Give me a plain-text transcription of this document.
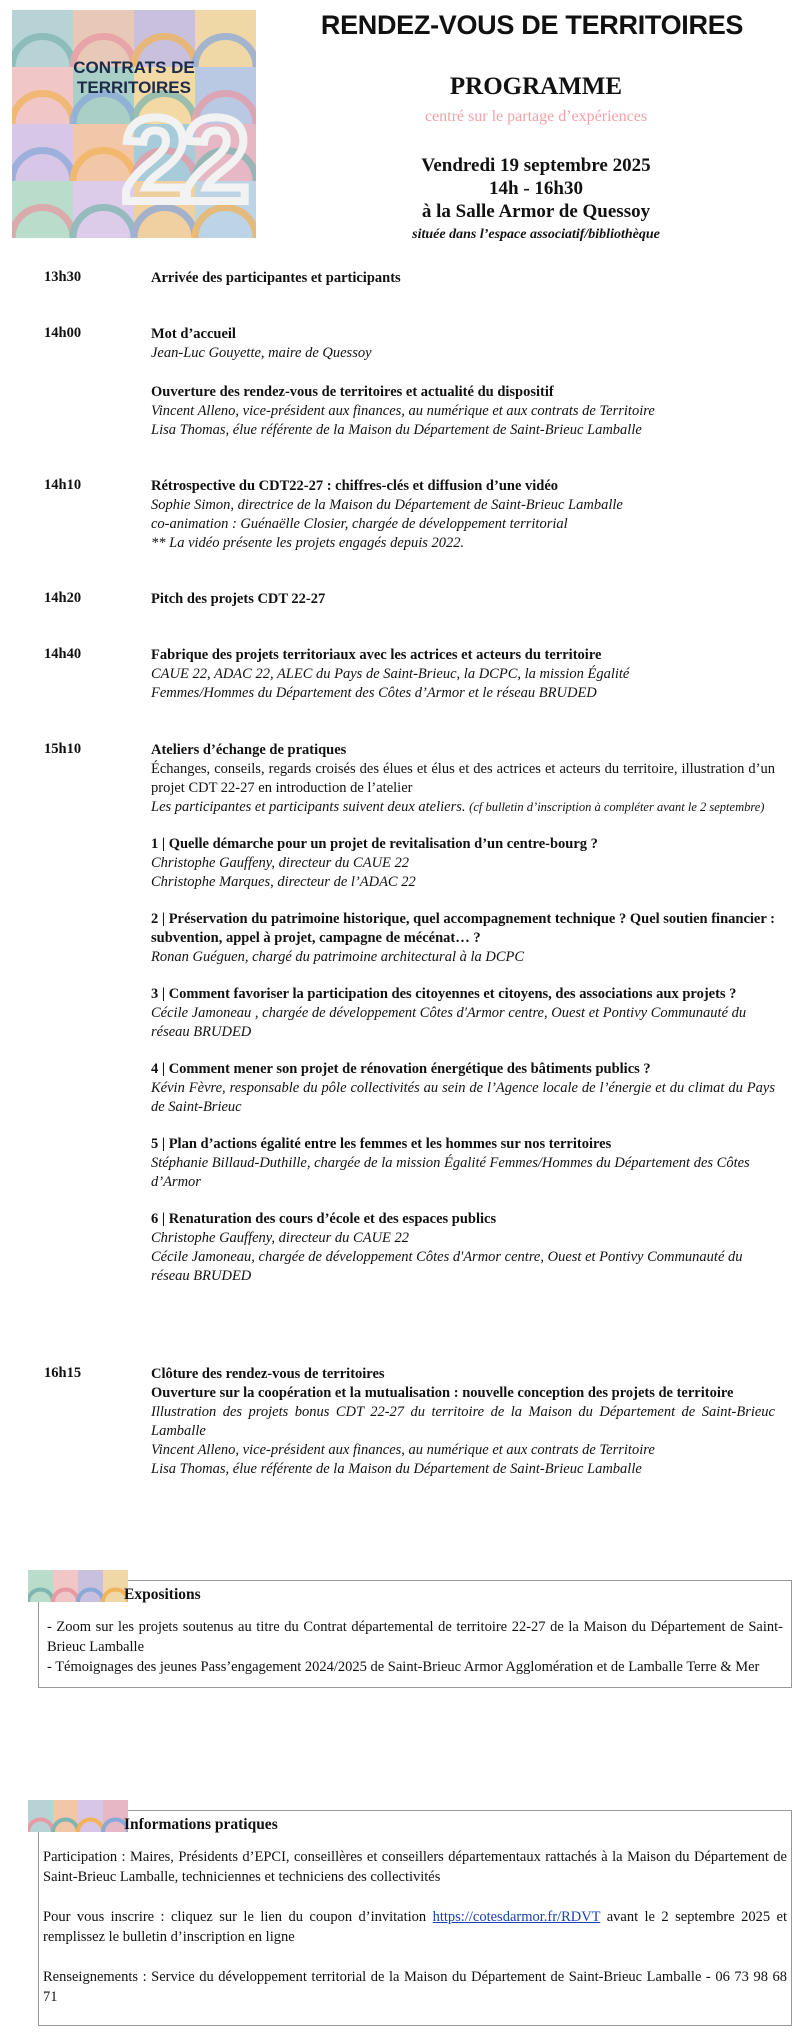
CONTRATS DE
TERRITOIRES
22
RENDEZ-VOUS DE TERRITOIRES
PROGRAMME
centré sur le partage d’expériences
Vendredi 19 septembre 2025
14h - 16h30
à la Salle Armor de Quessoy
située dans l’espace associatif/bibliothèque
13h30	Arrivée des participantes et participants
14h00	Mot d’accueil
Jean-Luc Gouyette, maire de Quessoy
Ouverture des rendez-vous de territoires et actualité du dispositif
Vincent Alleno, vice-président aux finances, au numérique et aux contrats de Territoire
Lisa Thomas, élue référente de la Maison du Département de Saint-Brieuc Lamballe
14h10	Rétrospective du CDT22-27 : chiffres-clés et diffusion d’une vidéo
Sophie Simon, directrice de la Maison du Département de Saint-Brieuc Lamballe
co-animation : Guénaëlle Closier, chargée de développement territorial
** La vidéo présente les projets engagés depuis 2022.
14h20	Pitch des projets CDT 22-27
14h40	Fabrique des projets territoriaux avec les actrices et acteurs du territoire
CAUE 22, ADAC 22, ALEC du Pays de Saint-Brieuc, la DCPC, la mission Égalité
Femmes/Hommes du Département des Côtes d’Armor et le réseau BRUDED
15h10	Ateliers d’échange de pratiques
Échanges, conseils, regards croisés des élues et élus et des actrices et acteurs du territoire, illustration d’un projet CDT 22-27 en introduction de l’atelier
Les participantes et participants suivent deux ateliers. (cf bulletin d’inscription à compléter avant le 2 septembre)
1 | Quelle démarche pour un projet de revitalisation d’un centre-bourg ?
Christophe Gauffeny, directeur du CAUE 22
Christophe Marques, directeur de l’ADAC 22
2 | Préservation du patrimoine historique, quel accompagnement technique ? Quel soutien financier : subvention, appel à projet, campagne de mécénat… ?
Ronan Guéguen, chargé du patrimoine architectural à la DCPC
3 | Comment favoriser la participation des citoyennes et citoyens, des associations aux projets ?
Cécile Jamoneau , chargée de développement Côtes d'Armor centre, Ouest et Pontivy Communauté du réseau BRUDED
4 | Comment mener son projet de rénovation énergétique des bâtiments publics ?
Kévin Fèvre, responsable du pôle collectivités au sein de l’Agence locale de l’énergie et du climat du Pays de Saint-Brieuc
5 | Plan d’actions égalité entre les femmes et les hommes sur nos territoires
Stéphanie Billaud-Duthille, chargée de la mission Égalité Femmes/Hommes du Département des Côtes d’Armor
6 | Renaturation des cours d’école et des espaces publics
Christophe Gauffeny, directeur du CAUE 22
Cécile Jamoneau, chargée de développement Côtes d'Armor centre, Ouest et Pontivy Communauté du réseau BRUDED
16h15	Clôture des rendez-vous de territoires
Ouverture sur la coopération et la mutualisation : nouvelle conception des projets de territoire
Illustration des projets bonus CDT 22-27 du territoire de la Maison du Département de Saint-Brieuc Lamballe
Vincent Alleno, vice-président aux finances, au numérique et aux contrats de Territoire
Lisa Thomas, élue référente de la Maison du Département de Saint-Brieuc Lamballe

- Zoom sur les projets soutenus au titre du Contrat départemental de territoire 22-27 de la Maison du Département de Saint-Brieuc Lamballe

- Témoignages des jeunes Pass’engagement 2024/2025 de Saint-Brieuc Armor Agglomération et de Lamballe Terre & Mer

Expositions

Participation : Maires, Présidents d’EPCI, conseillères et conseillers départementaux rattachés à la Maison du Département de Saint-Brieuc Lamballe, techniciennes et techniciens des collectivités

Pour vous inscrire : cliquez sur le lien du coupon d’invitation https://cotesdarmor.fr/RDVT avant le 2 septembre 2025 et remplissez le bulletin d’inscription en ligne

Renseignements : Service du développement territorial de la Maison du Département de Saint-Brieuc Lamballe - 06 73 98 68 71

Informations pratiques
